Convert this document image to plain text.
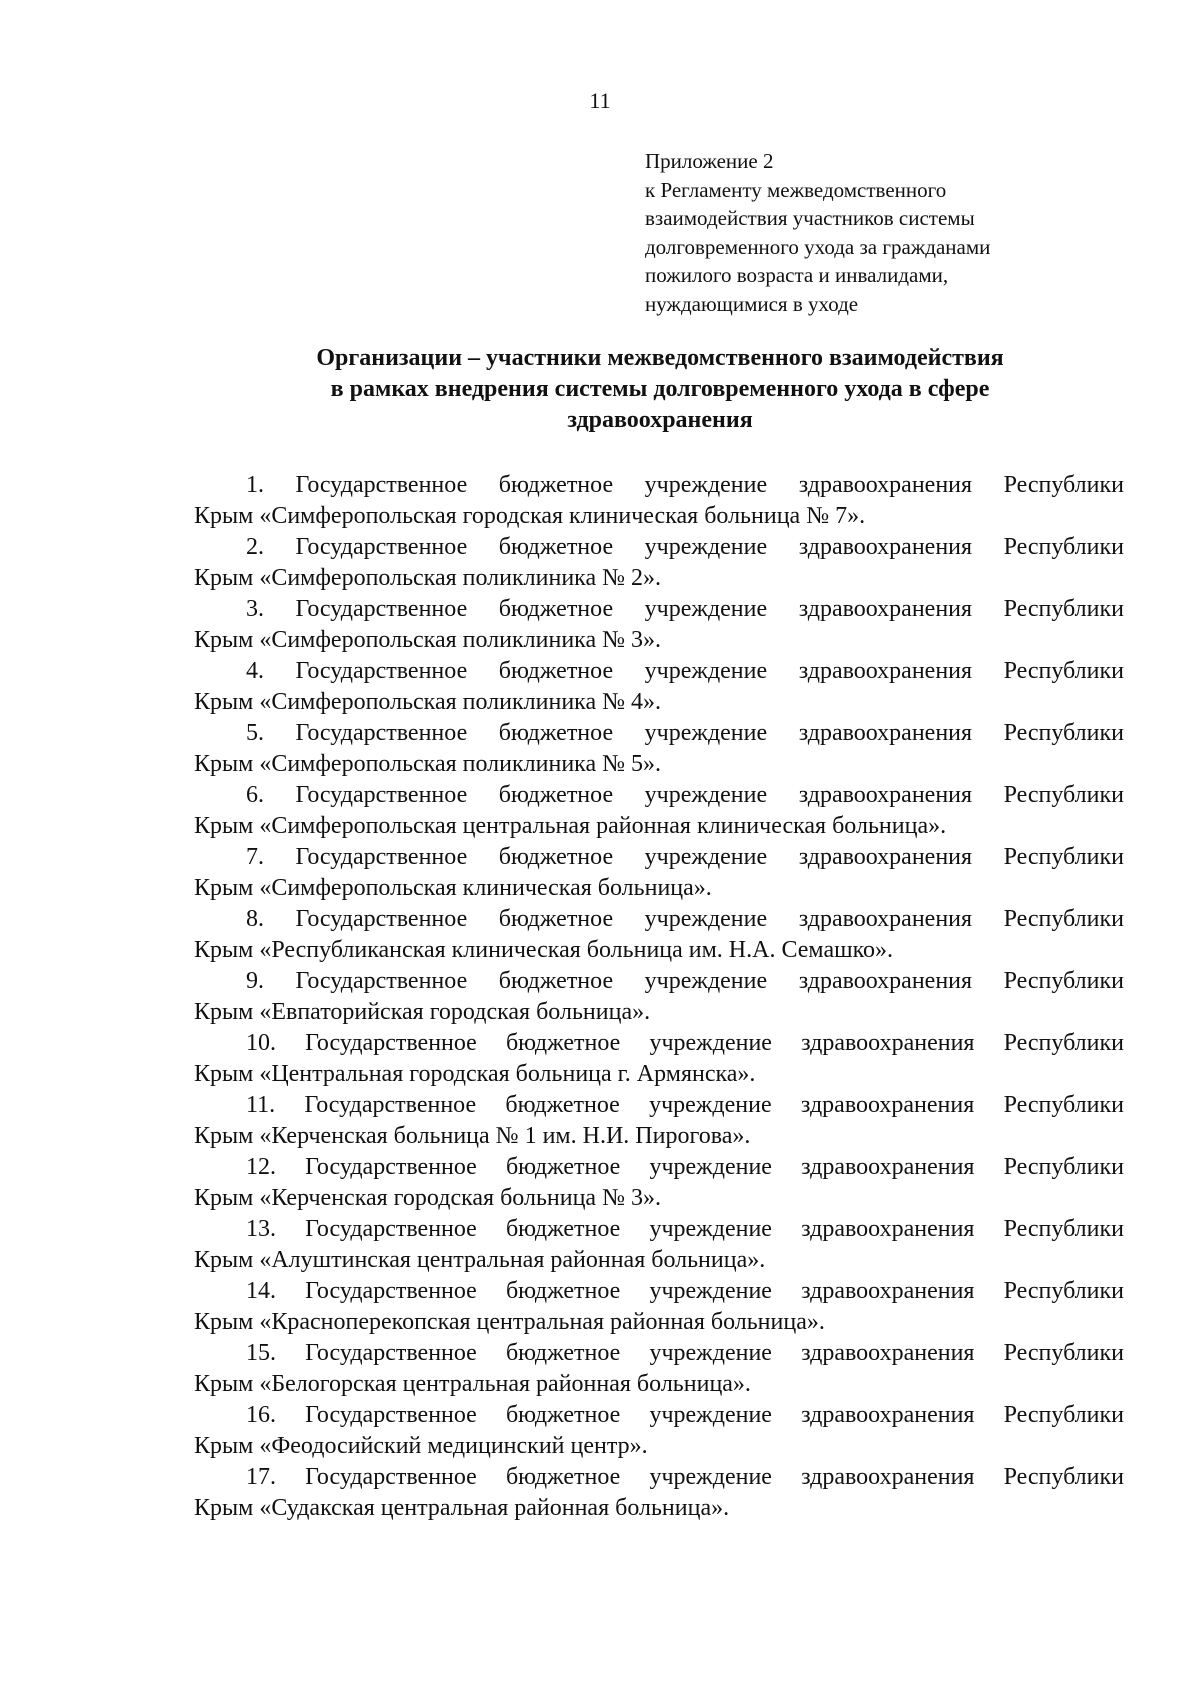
11
Приложение 2
к Регламенту межведомственного
взаимодействия участников системы
долговременного ухода за гражданами
пожилого возраста и инвалидами,
нуждающимися в уходе
Организации – участники межведомственного взаимодействия
в рамках внедрения системы долговременного ухода в сфере
здравоохранения
1. Государственное бюджетное учреждение здравоохранения Республики
Крым «Симферопольская городская клиническая больница № 7».
2. Государственное бюджетное учреждение здравоохранения Республики
Крым «Симферопольская поликлиника № 2».
3. Государственное бюджетное учреждение здравоохранения Республики
Крым «Симферопольская поликлиника № 3».
4. Государственное бюджетное учреждение здравоохранения Республики
Крым «Симферопольская поликлиника № 4».
5. Государственное бюджетное учреждение здравоохранения Республики
Крым «Симферопольская поликлиника № 5».
6. Государственное бюджетное учреждение здравоохранения Республики
Крым «Симферопольская центральная районная клиническая больница».
7. Государственное бюджетное учреждение здравоохранения Республики
Крым «Симферопольская клиническая больница».
8. Государственное бюджетное учреждение здравоохранения Республики
Крым «Республиканская клиническая больница им. Н.А. Семашко».
9. Государственное бюджетное учреждение здравоохранения Республики
Крым «Евпаторийская городская больница».
10. Государственное бюджетное учреждение здравоохранения Республики
Крым «Центральная городская больница г. Армянска».
11. Государственное бюджетное учреждение здравоохранения Республики
Крым «Керченская больница № 1 им. Н.И. Пирогова».
12. Государственное бюджетное учреждение здравоохранения Республики
Крым «Керченская городская больница № 3».
13. Государственное бюджетное учреждение здравоохранения Республики
Крым «Алуштинская центральная районная больница».
14. Государственное бюджетное учреждение здравоохранения Республики
Крым «Красноперекопская центральная районная больница».
15. Государственное бюджетное учреждение здравоохранения Республики
Крым «Белогорская центральная районная больница».
16. Государственное бюджетное учреждение здравоохранения Республики
Крым «Феодосийский медицинский центр».
17. Государственное бюджетное учреждение здравоохранения Республики
Крым «Судакская центральная районная больница».
